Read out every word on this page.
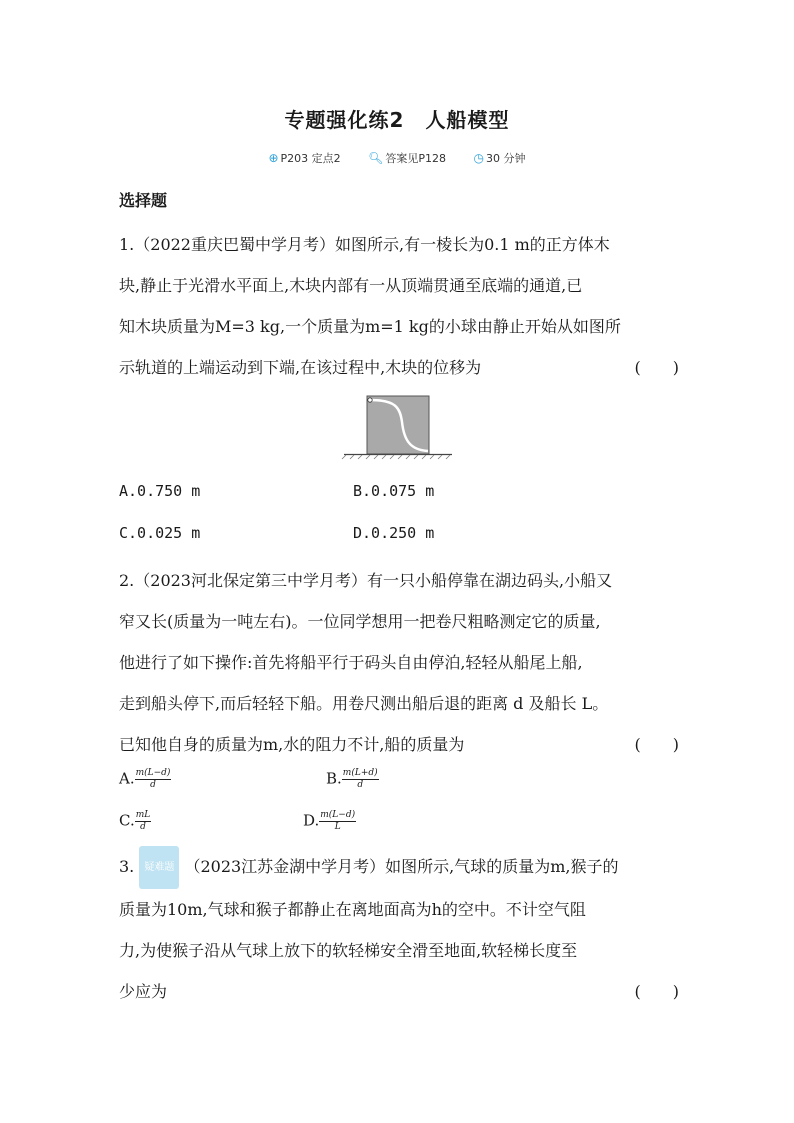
专题强化练2　人船模型
⊕ P203 定点2 🔍︎ 答案见P128 ◷ 30 分钟
选择题
1.（2022重庆巴蜀中学月考）如图所示,有一棱长为0.1 m的正方体木
块,静止于光滑水平面上,木块内部有一从顶端贯通至底端的通道,已
知木块质量为M=3 kg,一个质量为m=1 kg的小球由静止开始从如图所
示轨道的上端运动到下端,在该过程中,木块的位移为	(　　)
A.0.750 m	B.0.075 m
C.0.025 m	D.0.250 m
2.（2023河北保定第三中学月考）有一只小船停靠在湖边码头,小船又
窄又长(质量为一吨左右)。一位同学想用一把卷尺粗略测定它的质量,
他进行了如下操作:首先将船平行于码头自由停泊,轻轻从船尾上船,
走到船头停下,而后轻轻下船。用卷尺测出船后退的距离 d 及船长 L。
已知他自身的质量为m,水的阻力不计,船的质量为	(　　)
A. $\frac{m(L-d)}{d}$	B. $\frac{m(L+d)}{d}$
C. $\frac{mL}{d}$	D. $\frac{m(L-d)}{L}$
3. 疑难题 （2023江苏金湖中学月考）如图所示,气球的质量为m,猴子的
质量为10m,气球和猴子都静止在离地面高为h的空中。不计空气阻
力,为使猴子沿从气球上放下的软轻梯安全滑至地面,软轻梯长度至
少应为	(　　)
